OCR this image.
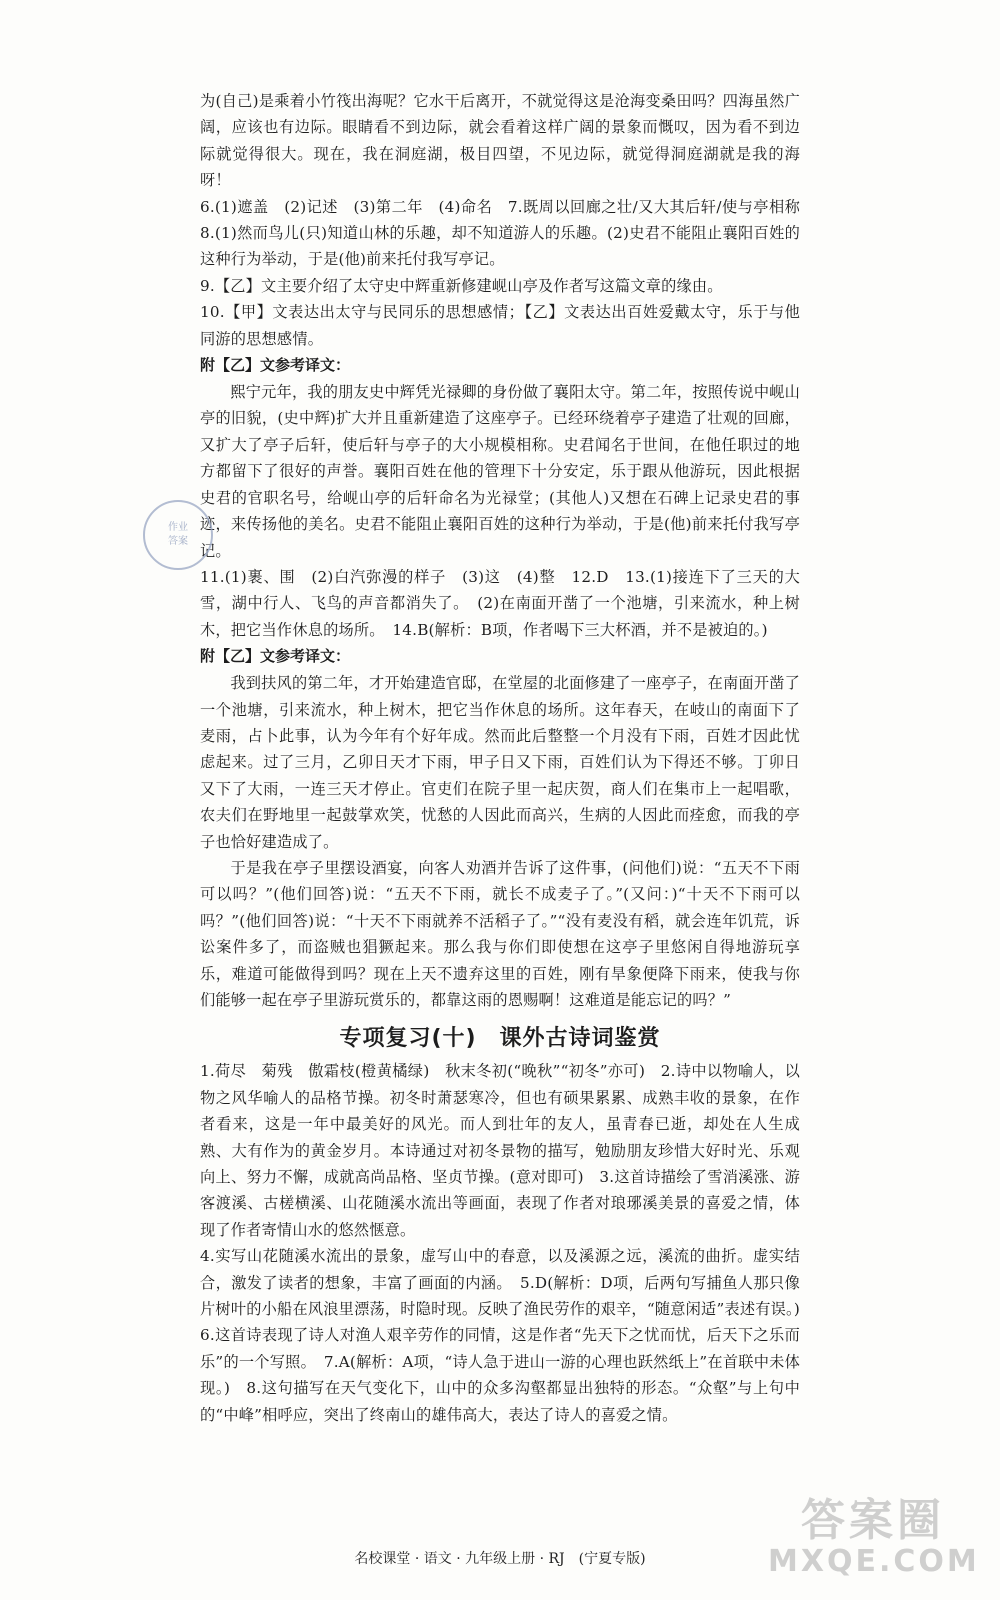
为(自己)是乘着小竹筏出海呢？它水干后离开，不就觉得这是沧海变桑田吗？四海虽然广阔，应该也有边际。眼睛看不到边际，就会看着这样广阔的景象而慨叹，因为看不到边际就觉得很大。现在，我在洞庭湖，极目四望，不见边际，就觉得洞庭湖就是我的海呀！

6.(1)遮盖　(2)记述　(3)第二年　(4)命名　7.既周以回廊之壮/又大其后轩/使与亭相称　8.(1)然而鸟儿(只)知道山林的乐趣，却不知道游人的乐趣。(2)史君不能阻止襄阳百姓的这种行为举动，于是(他)前来托付我写亭记。

9.【乙】文主要介绍了太守史中辉重新修建岘山亭及作者写这篇文章的缘由。

10.【甲】文表达出太守与民同乐的思想感情；【乙】文表达出百姓爱戴太守，乐于与他同游的思想感情。

附【乙】文参考译文：

熙宁元年，我的朋友史中辉凭光禄卿的身份做了襄阳太守。第二年，按照传说中岘山亭的旧貌，(史中辉)扩大并且重新建造了这座亭子。已经环绕着亭子建造了壮观的回廊，又扩大了亭子后轩，使后轩与亭子的大小规模相称。史君闻名于世间，在他任职过的地方都留下了很好的声誉。襄阳百姓在他的管理下十分安定，乐于跟从他游玩，因此根据史君的官职名号，给岘山亭的后轩命名为光禄堂；(其他人)又想在石碑上记录史君的事迹，来传扬他的美名。史君不能阻止襄阳百姓的这种行为举动，于是(他)前来托付我写亭记。

11.(1)裹、围　(2)白汽弥漫的样子　(3)这　(4)整　12.D　13.(1)接连下了三天的大雪，湖中行人、飞鸟的声音都消失了。　(2)在南面开凿了一个池塘，引来流水，种上树木，把它当作休息的场所。　14.B(解析：B项，作者喝下三大杯酒，并不是被迫的。)

附【乙】文参考译文：

我到扶风的第二年，才开始建造官邸，在堂屋的北面修建了一座亭子，在南面开凿了一个池塘，引来流水，种上树木，把它当作休息的场所。这年春天，在岐山的南面下了麦雨，占卜此事，认为今年有个好年成。然而此后整整一个月没有下雨，百姓才因此忧虑起来。过了三月，乙卯日天才下雨，甲子日又下雨，百姓们认为下得还不够。丁卯日又下了大雨，一连三天才停止。官吏们在院子里一起庆贺，商人们在集市上一起唱歌，农夫们在野地里一起鼓掌欢笑，忧愁的人因此而高兴，生病的人因此而痊愈，而我的亭子也恰好建造成了。

于是我在亭子里摆设酒宴，向客人劝酒并告诉了这件事，(问他们)说：“五天不下雨可以吗？”(他们回答)说：“五天不下雨，就长不成麦子了。”(又问：)“十天不下雨可以吗？”(他们回答)说：“十天不下雨就养不活稻子了。”“没有麦没有稻，就会连年饥荒，诉讼案件多了，而盗贼也猖獗起来。那么我与你们即使想在这亭子里悠闲自得地游玩享乐，难道可能做得到吗？现在上天不遗弃这里的百姓，刚有旱象便降下雨来，使我与你们能够一起在亭子里游玩赏乐的，都靠这雨的恩赐啊！这难道是能忘记的吗？”

专项复习(十)　课外古诗词鉴赏

1.荷尽　菊残　傲霜枝(橙黄橘绿)　秋末冬初(“晚秋”“初冬”亦可)　2.诗中以物喻人，以物之风华喻人的品格节操。初冬时萧瑟寒冷，但也有硕果累累、成熟丰收的景象，在作者看来，这是一年中最美好的风光。而人到壮年的友人，虽青春已逝，却处在人生成熟、大有作为的黄金岁月。本诗通过对初冬景物的描写，勉励朋友珍惜大好时光、乐观向上、努力不懈，成就高尚品格、坚贞节操。(意对即可)　3.这首诗描绘了雪消溪涨、游客渡溪、古槎横溪、山花随溪水流出等画面，表现了作者对琅琊溪美景的喜爱之情，体现了作者寄情山水的悠然惬意。

4.实写山花随溪水流出的景象，虚写山中的春意，以及溪源之远，溪流的曲折。虚实结合，激发了读者的想象，丰富了画面的内涵。　5.D(解析：D项，后两句写捕鱼人那只像片树叶的小船在风浪里漂荡，时隐时现。反映了渔民劳作的艰辛，“随意闲适”表述有误。)　6.这首诗表现了诗人对渔人艰辛劳作的同情，这是作者“先天下之忧而忧，后天下之乐而乐”的一个写照。　7.A(解析：A项，“诗人急于进山一游的心理也跃然纸上”在首联中未体现。)　8.这句描写在天气变化下，山中的众多沟壑都显出独特的形态。“众壑”与上句中的“中峰”相呼应，突出了终南山的雄伟高大，表达了诗人的喜爱之情。

作业
答案
名校课堂 · 语文 · 九年级上册 · RJ　(宁夏专版)
答案圈
MXQE.COM
